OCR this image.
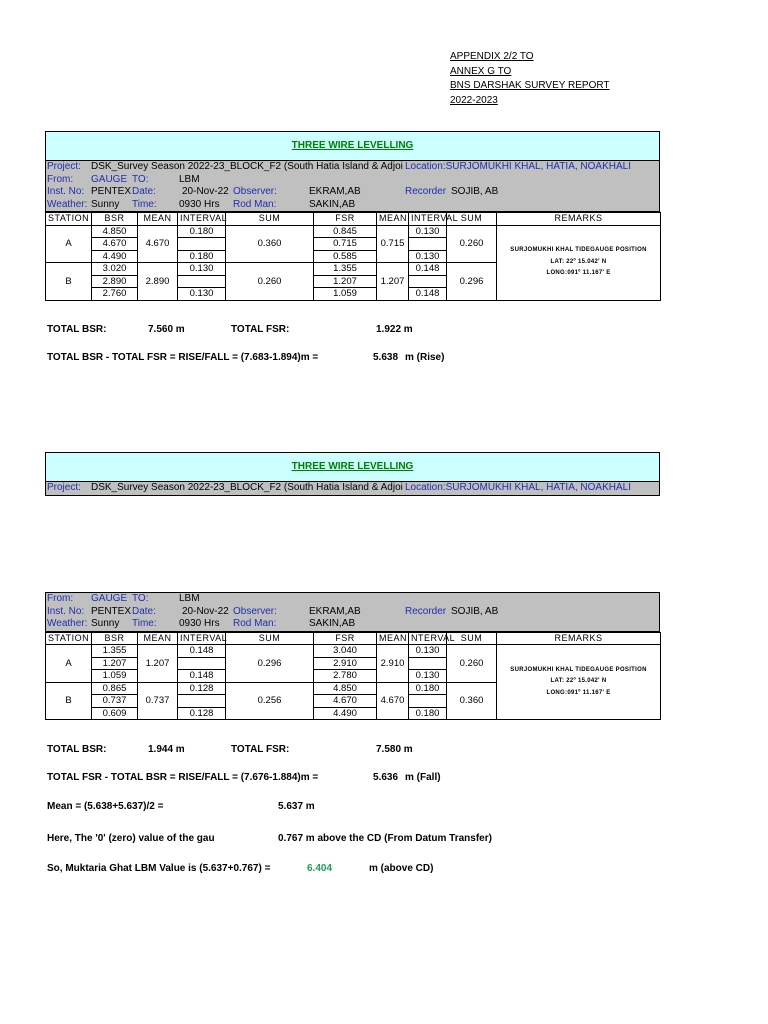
APPENDIX 2/2 TO
ANNEX G TO
BNS DARSHAK SURVEY REPORT
2022-2023
THREE WIRE LEVELLING
Project: DSK_Survey Season 2022-23_BLOCK_F2 (South Hatia Island & Adjoi Location:SURJOMUKHI KHAL, HATIA, NOAKHALI
From: GAUGE TO:	LBM
Inst. No: PENTEX Date:	20-Nov-22 Observer:	EKRAM,AB	Recorder SOJIB, AB
Weather: Sunny Time: 0930 Hrs Rod Man:	SAKIN,AB
STATION	BSR	MEAN	INTERVAL	SUM	FSR	MEAN	INTERVAL	SUM	REMARKS
A	4.850		0.180		0.845		0.130		SURJOMUKHI KHAL TIDEGAUGE POSITION
LAT: 22º 15.042' N
LONG:091º 11.167' E

	4.670	4.670		0.360	0.715	0.715		0.260	
	4.490		0.180		0.585		0.130		
B	3.020		0.130		1.355		0.148		
	2.890	2.890		0.260	1.207	1.207		0.296	
	2.760		0.130		1.059		0.148		
TOTAL BSR:	7.560 m	TOTAL FSR:	1.922 m
TOTAL BSR - TOTAL FSR = RISE/FALL = (7.683-1.894)m =	5.638 m (Rise)
THREE WIRE LEVELLING
Project: DSK_Survey Season 2022-23_BLOCK_F2 (South Hatia Island & Adjoi Location:SURJOMUKHI KHAL, HATIA, NOAKHALI
From: GAUGE TO:	LBM
Inst. No: PENTEX Date:	20-Nov-22 Observer:	EKRAM,AB	Recorder SOJIB, AB
Weather: Sunny Time: 0930 Hrs Rod Man:	SAKIN,AB
STATION	BSR	MEAN	INTERVAL	SUM	FSR	MEAN	NTERVAL	SUM	REMARKS
A	1.355		0.148		3.040		0.130		SURJOMUKHI KHAL TIDEGAUGE POSITION
LAT: 22º 15.042' N
LONG:091º 11.167' E

	1.207	1.207		0.296	2.910	2.910		0.260	
	1.059		0.148		2.780		0.130		
B	0.865		0.128		4.850		0.180		
	0.737	0.737		0.256	4.670	4.670		0.360	
	0.609		0.128		4.490		0.180		
TOTAL BSR:	1.944 m	TOTAL FSR:	7.580 m
TOTAL FSR - TOTAL BSR = RISE/FALL = (7.676-1.884)m =	5.636 m (Fall)
Mean = (5.638+5.637)/2 =	5.637 m
Here, The '0' (zero) value of the gau	0.767 m above the CD (From Datum Transfer)
So, Muktaria Ghat LBM Value is (5.637+0.767) =	6.404	m (above CD)
